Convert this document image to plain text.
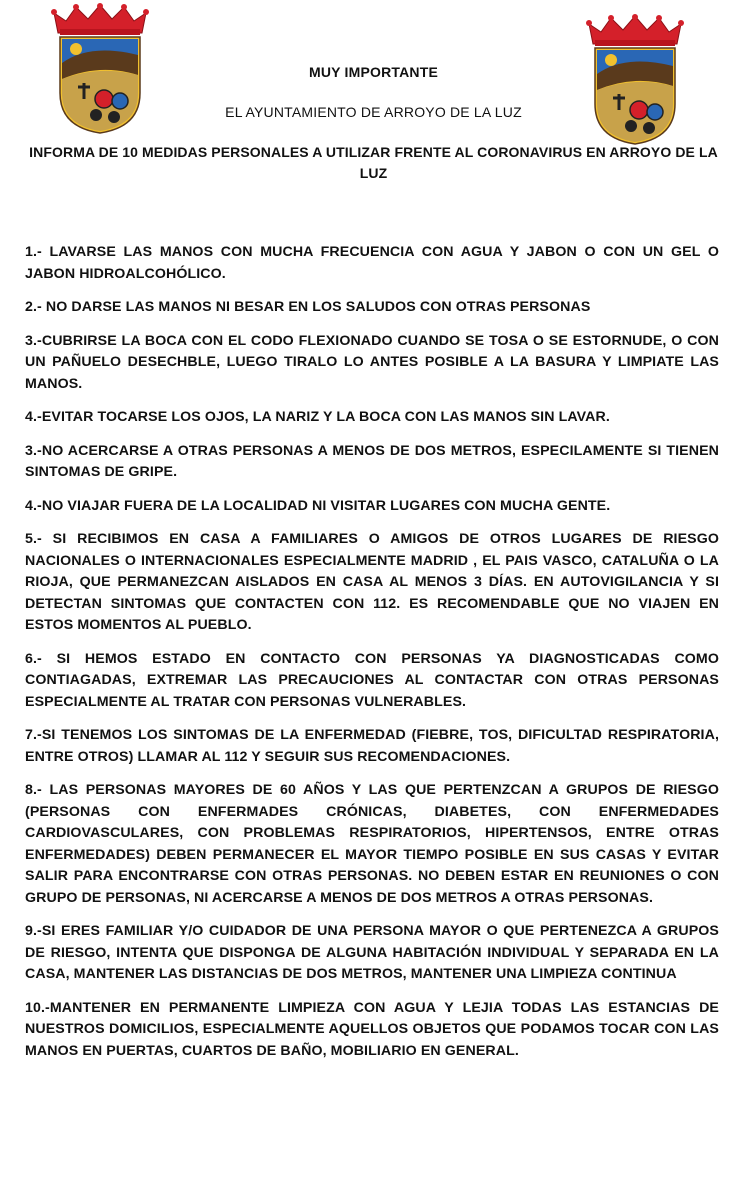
MUY IMPORTANTE
EL AYUNTAMIENTO DE ARROYO DE LA LUZ
INFORMA DE 10 MEDIDAS PERSONALES A UTILIZAR FRENTE AL CORONAVIRUS EN ARROYO DE LA LUZ

1.- LAVARSE LAS MANOS CON MUCHA FRECUENCIA CON AGUA Y JABON O CON UN GEL O JABON HIDROALCOHÓLICO.

2.- NO DARSE LAS MANOS NI BESAR EN LOS SALUDOS CON OTRAS PERSONAS

3.-CUBRIRSE LA BOCA CON EL CODO FLEXIONADO CUANDO SE TOSA O SE ESTORNUDE, O CON UN PAÑUELO DESECHBLE, LUEGO TIRALO LO ANTES POSIBLE A LA BASURA Y LIMPIATE LAS MANOS.

4.-EVITAR TOCARSE LOS OJOS, LA NARIZ Y LA BOCA CON LAS MANOS SIN LAVAR.

3.-NO ACERCARSE A OTRAS PERSONAS A MENOS DE DOS METROS, ESPECILAMENTE SI TIENEN SINTOMAS DE GRIPE.

4.-NO VIAJAR FUERA DE LA LOCALIDAD NI VISITAR LUGARES CON MUCHA GENTE.

5.- SI RECIBIMOS EN CASA A FAMILIARES O AMIGOS DE OTROS LUGARES DE RIESGO NACIONALES O INTERNACIONALES ESPECIALMENTE MADRID , EL PAIS VASCO, CATALUÑA O LA RIOJA, QUE PERMANEZCAN AISLADOS EN CASA AL MENOS 3 DÍAS. EN AUTOVIGILANCIA Y SI DETECTAN SINTOMAS QUE CONTACTEN CON 112. ES RECOMENDABLE QUE NO VIAJEN EN ESTOS MOMENTOS AL PUEBLO.

6.- SI HEMOS ESTADO EN CONTACTO CON PERSONAS YA DIAGNOSTICADAS COMO CONTIAGADAS, EXTREMAR LAS PRECAUCIONES AL CONTACTAR CON OTRAS PERSONAS ESPECIALMENTE AL TRATAR CON PERSONAS VULNERABLES.

7.-SI TENEMOS LOS SINTOMAS DE LA ENFERMEDAD (FIEBRE, TOS, DIFICULTAD RESPIRATORIA, ENTRE OTROS) LLAMAR AL 112 Y SEGUIR SUS RECOMENDACIONES.

8.- LAS PERSONAS MAYORES DE 60 AÑOS Y LAS QUE PERTENZCAN A GRUPOS DE RIESGO (PERSONAS CON ENFERMADES CRÓNICAS, DIABETES, CON ENFERMEDADES CARDIOVASCULARES, CON PROBLEMAS RESPIRATORIOS, HIPERTENSOS, ENTRE OTRAS ENFERMEDADES) DEBEN PERMANECER EL MAYOR TIEMPO POSIBLE EN SUS CASAS Y EVITAR SALIR PARA ENCONTRARSE CON OTRAS PERSONAS. NO DEBEN ESTAR EN REUNIONES O CON GRUPO DE PERSONAS, NI ACERCARSE A MENOS DE DOS METROS A OTRAS PERSONAS.

9.-SI ERES FAMILIAR Y/O CUIDADOR DE UNA PERSONA MAYOR O QUE PERTENEZCA A GRUPOS DE RIESGO, INTENTA QUE DISPONGA DE ALGUNA HABITACIÓN INDIVIDUAL Y SEPARADA EN LA CASA, MANTENER LAS DISTANCIAS DE DOS METROS, MANTENER UNA LIMPIEZA CONTINUA

10.-MANTENER EN PERMANENTE LIMPIEZA CON AGUA Y LEJIA TODAS LAS ESTANCIAS DE NUESTROS DOMICILIOS, ESPECIALMENTE AQUELLOS OBJETOS QUE PODAMOS TOCAR CON LAS MANOS EN PUERTAS, CUARTOS DE BAÑO, MOBILIARIO EN GENERAL.
